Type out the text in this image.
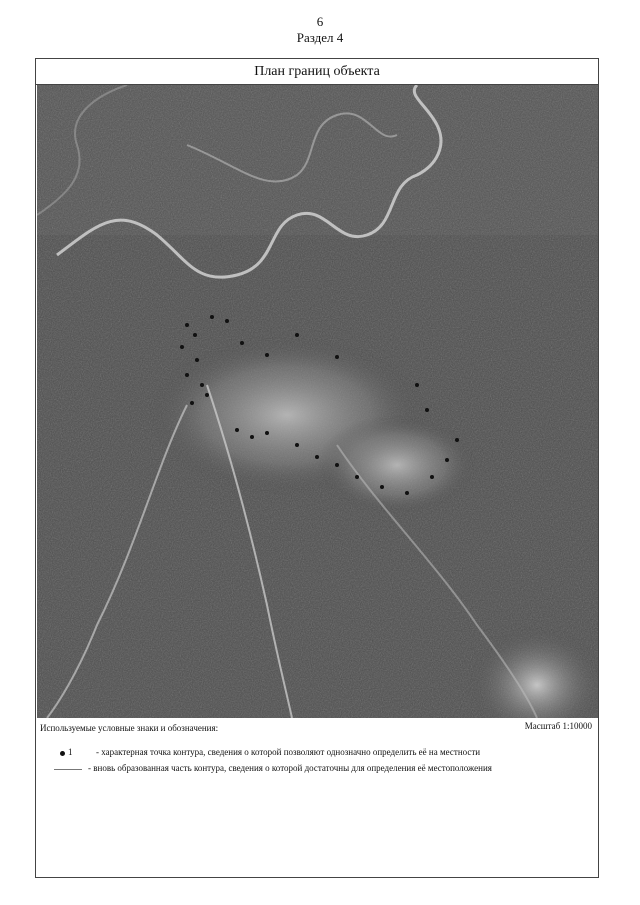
6
Раздел 4
План границ объекта
Используемые условные знаки и обозначения:	Масштаб 1:10000
1	- характерная точка контура, сведения о которой позволяют однозначно определить её на местности
- вновь образованная часть контура, сведения о которой достаточны для определения её местоположения
